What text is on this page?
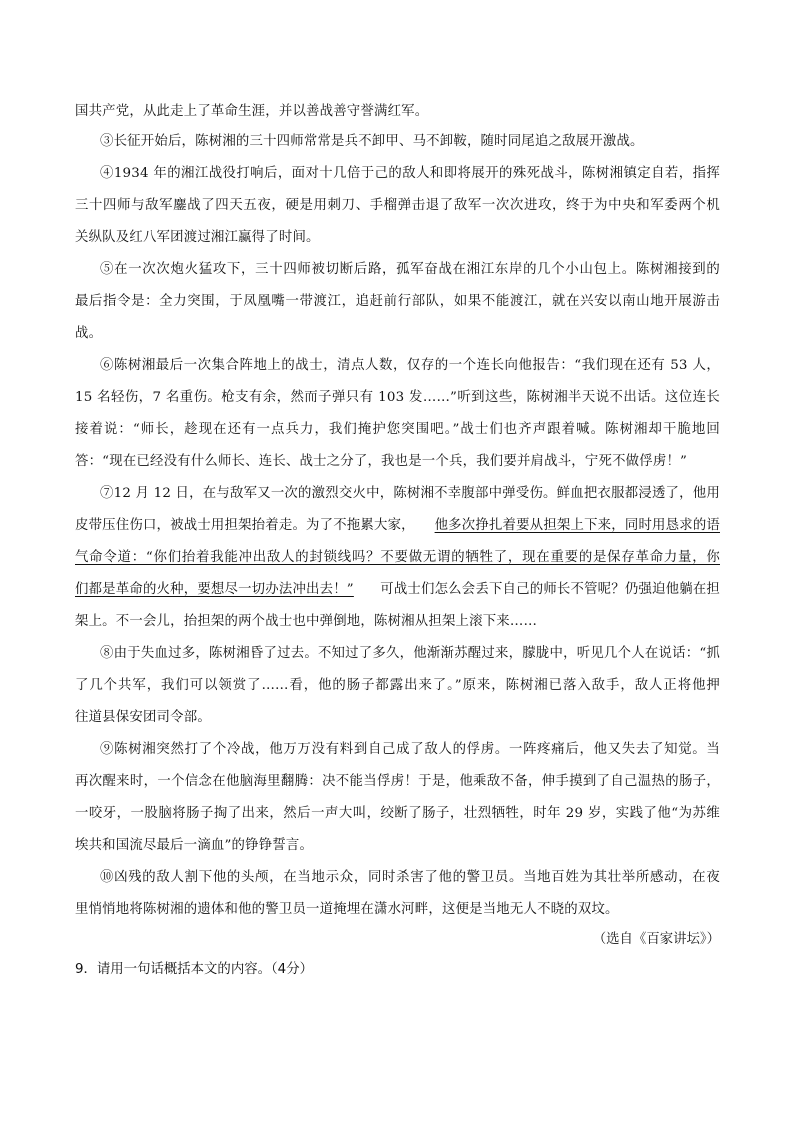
国共产党，从此走上了革命生涯，并以善战善守誉满红军。
③长征开始后，陈树湘的三十四师常常是兵不卸甲、马不卸鞍，随时同尾追之敌展开激战。
④1934 年的湘江战役打响后，面对十几倍于己的敌人和即将展开的殊死战斗，陈树湘镇定自若，指挥
三十四师与敌军鏖战了四天五夜，硬是用刺刀、手榴弹击退了敌军一次次进攻，终于为中央和军委两个机
关纵队及红八军团渡过湘江赢得了时间。
⑤在一次次炮火猛攻下，三十四师被切断后路，孤军奋战在湘江东岸的几个小山包上。陈树湘接到的
最后指令是：全力突围，于凤凰嘴一带渡江，追赶前行部队，如果不能渡江，就在兴安以南山地开展游击
战。
⑥陈树湘最后一次集合阵地上的战士，清点人数，仅存的一个连长向他报告：“我们现在还有 53 人，
15 名轻伤，7 名重伤。枪支有余，然而子弹只有 103 发……”听到这些，陈树湘半天说不出话。这位连长
接着说：“师长，趁现在还有一点兵力，我们掩护您突围吧。”战士们也齐声跟着喊。陈树湘却干脆地回
答：“现在已经没有什么师长、连长、战士之分了，我也是一个兵，我们要并肩战斗，宁死不做俘虏！”
⑦12 月 12 日，在与敌军又一次的激烈交火中，陈树湘不幸腹部中弹受伤。鲜血把衣服都浸透了，他用
皮带压住伤口，被战士用担架抬着走。为了不拖累大家， 他多次挣扎着要从担架上下来，同时用恳求的语
气命令道：“你们抬着我能冲出敌人的封锁线吗？不要做无谓的牺牲了，现在重要的是保存革命力量，你
们都是革命的火种，要想尽一切办法冲出去！” 可战士们怎么会丢下自己的师长不管呢？仍强迫他躺在担
架上。不一会儿，抬担架的两个战士也中弹倒地，陈树湘从担架上滚下来……
⑧由于失血过多，陈树湘昏了过去。不知过了多久，他渐渐苏醒过来，朦胧中，听见几个人在说话：“抓
了几个共军，我们可以领赏了……看，他的肠子都露出来了。”原来，陈树湘已落入敌手，敌人正将他押
往道县保安团司令部。
⑨陈树湘突然打了个冷战，他万万没有料到自己成了敌人的俘虏。一阵疼痛后，他又失去了知觉。当
再次醒来时，一个信念在他脑海里翻腾：决不能当俘虏！于是，他乘敌不备，伸手摸到了自己温热的肠子，
一咬牙，一股脑将肠子掏了出来，然后一声大叫，绞断了肠子，壮烈牺牲，时年 29 岁，实践了他“为苏维
埃共和国流尽最后一滴血”的铮铮誓言。
⑩凶残的敌人割下他的头颅，在当地示众，同时杀害了他的警卫员。当地百姓为其壮举所感动，在夜
里悄悄地将陈树湘的遗体和他的警卫员一道掩埋在潇水河畔，这便是当地无人不晓的双坟。
（选自《百家讲坛》）
9．请用一句话概括本文的内容。（4分）
